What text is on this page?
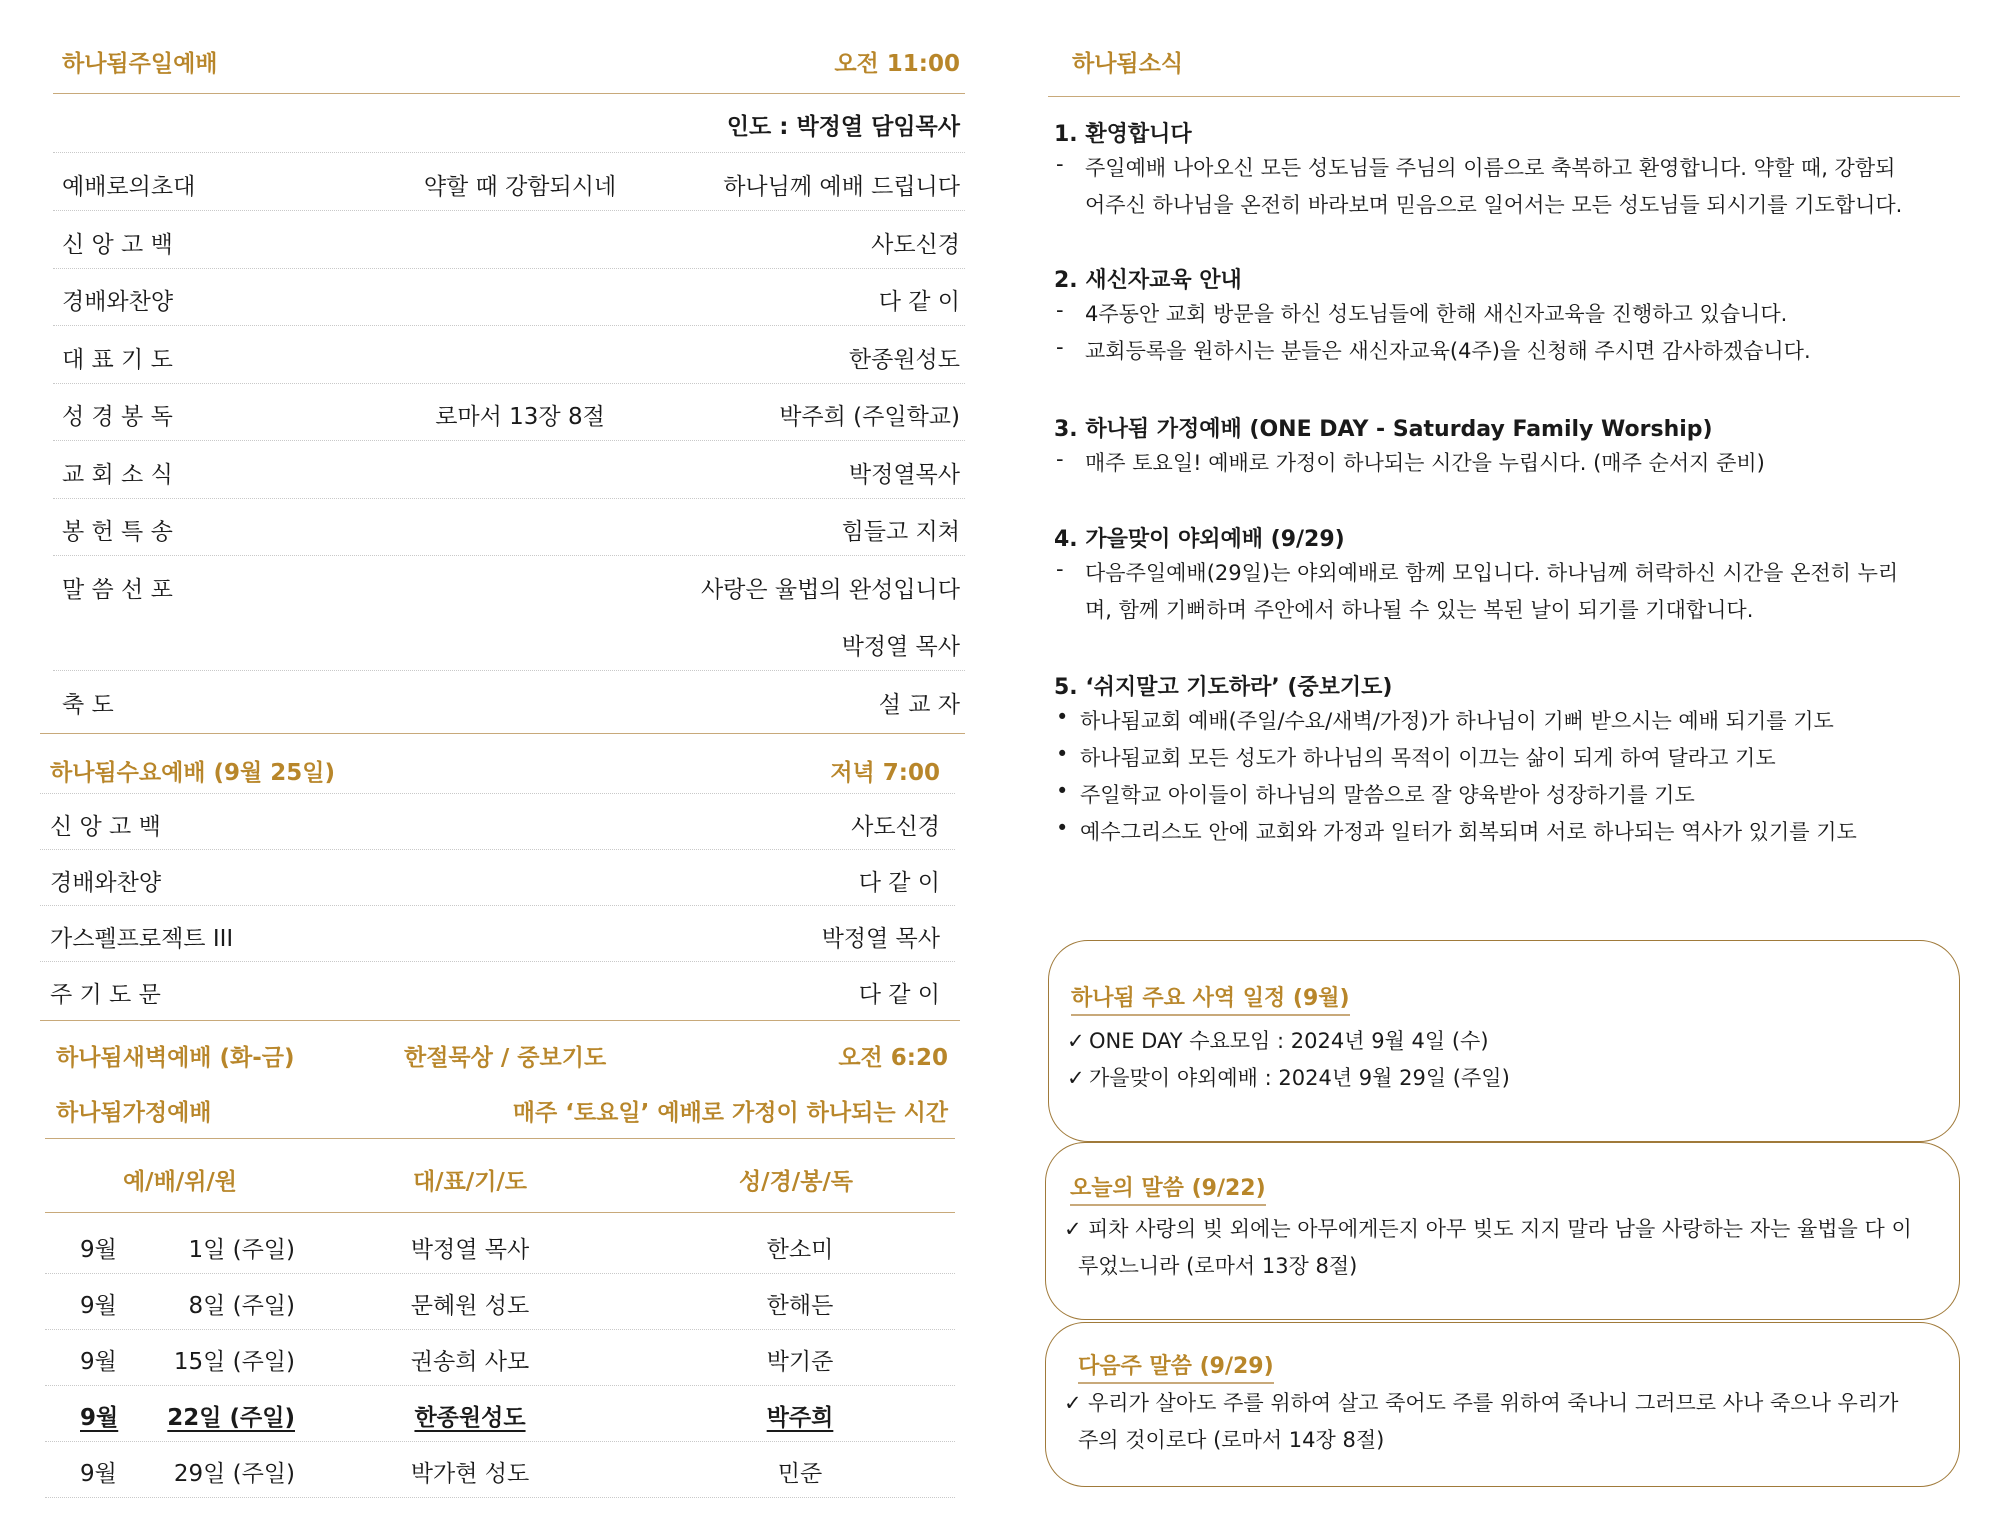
하나됨주일예배	오전 11:00
인도 : 박정열 담임목사
예배로의초대	약할 때 강함되시네	하나님께 예배 드립니다
신 앙 고 백	사도신경
경배와찬양	다 같 이
대 표 기 도	한종원성도
성 경 봉 독	로마서 13장 8절	박주희 (주일학교)
교 회 소 식	박정열목사
봉 헌 특 송	힘들고 지쳐
말 씀 선 포	사랑은 율법의 완성입니다
박정열 목사
축 도	설 교 자
하나됨수요예배 (9월 25일)	저녁 7:00
신 앙 고 백	사도신경
경배와찬양	다 같 이
가스펠프로젝트 III	박정열 목사
주 기 도 문	다 같 이
하나됨새벽예배 (화-금)	한절묵상 / 중보기도	오전 6:20
하나됨가정예배	매주 ‘토요일’ 예배로 가정이 하나되는 시간
예/배/위/원	대/표/기/도	성/경/봉/독
9월	1일 (주일)	박정열 목사	한소미
9월	8일 (주일)	문혜원 성도	한해든
9월	15일 (주일)	권송희 사모	박기준
9월	22일 (주일)	한종원성도	박주희
9월	29일 (주일)	박가현 성도	민준
하나됨소식
1. 환영합니다
- 주일예배 나아오신 모든 성도님들 주님의 이름으로 축복하고 환영합니다. 약할 때, 강함되
어주신 하나님을 온전히 바라보며 믿음으로 일어서는 모든 성도님들 되시기를 기도합니다.
2. 새신자교육 안내
- 4주동안 교회 방문을 하신 성도님들에 한해 새신자교육을 진행하고 있습니다.
- 교회등록을 원하시는 분들은 새신자교육(4주)을 신청해 주시면 감사하겠습니다.
3. 하나됨 가정예배 (ONE DAY - Saturday Family Worship)
- 매주 토요일! 예배로 가정이 하나되는 시간을 누립시다. (매주 순서지 준비)
4. 가을맞이 야외예배 (9/29)
- 다음주일예배(29일)는 야외예배로 함께 모입니다. 하나님께 허락하신 시간을 온전히 누리
며, 함께 기뻐하며 주안에서 하나될 수 있는 복된 날이 되기를 기대합니다.
5. ‘쉬지말고 기도하라’ (중보기도)
• 하나됨교회 예배(주일/수요/새벽/가정)가 하나님이 기뻐 받으시는 예배 되기를 기도
• 하나됨교회 모든 성도가 하나님의 목적이 이끄는 삶이 되게 하여 달라고 기도
• 주일학교 아이들이 하나님의 말씀으로 잘 양육받아 성장하기를 기도
• 예수그리스도 안에 교회와 가정과 일터가 회복되며 서로 하나되는 역사가 있기를 기도
하나됨 주요 사역 일정 (9월)
✓ ONE DAY 수요모임 : 2024년 9월 4일 (수)
✓ 가을맞이 야외예배 : 2024년 9월 29일 (주일)
오늘의 말씀 (9/22)
✓ 피차 사랑의 빚 외에는 아무에게든지 아무 빚도 지지 말라 남을 사랑하는 자는 율법을 다 이
루었느니라 (로마서 13장 8절)
다음주 말씀 (9/29)
✓ 우리가 살아도 주를 위하여 살고 죽어도 주를 위하여 죽나니 그러므로 사나 죽으나 우리가
주의 것이로다 (로마서 14장 8절)
